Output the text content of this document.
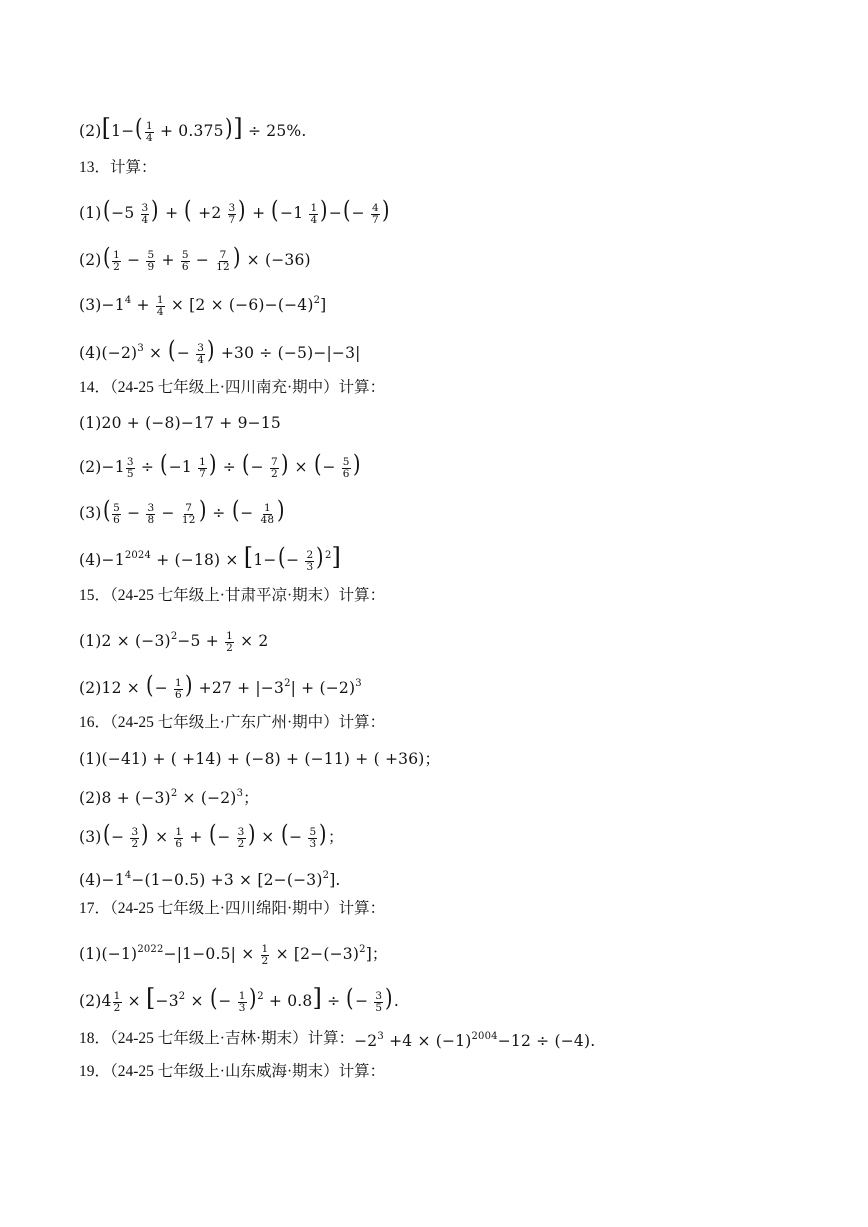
$(2)[1-( \frac{1}{4} + 0.375)] \div 25\%$.
13．计算：
$(1)(-5 \frac{3}{4}$ ) + ( $+2 \frac{3}{7}$ ) + ($-1 \frac{1}{4}$ )−(− $\frac{4}{7}$ )
$(2)( \frac{1}{2} - \frac{5}{9} + \frac{5}{6} - \frac{7}{12}$ ) × (−36)
$(3)-1^4 + \frac{1}{4} \times [2 \times (-6)-(-4)^2]$
$(4)(-2)^3$ × (− $\frac{3}{4}$ ) +30 ÷ (−5)−|−3|
14．（24-25 七年级上·四川南充·期中）计算：
(1)20 + (−8)−17 + 9−15
$(2)-1 \frac{3}{5} \div (-1 \frac{1}{7}$ ) ÷ (− $\frac{7}{2}$ ) × (− $\frac{5}{6}$ )
$(3)( \frac{5}{6} - \frac{3}{8} - \frac{7}{12}$ ) ÷ (− $\frac{1}{48}$ )
$(4)-1^{2024} + (-18) \times [1-(- \frac{2}{3} )^2]$
15．（24-25 七年级上·甘肃平凉·期末）计算：
$(1)2 \times (-3)^2-5 + \frac{1}{2} \times 2$
(2)12 × (− $\frac{1}{6}$ ) $+27 + |-3^2| + (-2)^3$
16．（24-25 七年级上·广东广州·期中）计算：
(1)(−41) + ( +14) + (−8) + (−11) + ( +36)；
$(2)8 + (-3)^2 \times (-2)^3$；
$(3)(- \frac{3}{2}$ ) × $\frac{1}{6}$ + (− $\frac{3}{2}$ ) × (− $\frac{5}{3}$ )；
$(4)-1^4-(1-0.5) +3 \times [2-(-3)^2]$.
17．（24-25 七年级上·四川绵阳·期中）计算：
$(1)(-1)^{2022}-|1-0.5| \times \frac{1}{2} \times [2-(-3)^2]$；
$(2)4 \frac{1}{2} \times [-3^2$ × (− $\frac{1}{3} )^2 + 0.8$] ÷ (− $\frac{3}{5}$ ).
18．（24-25 七年级上·吉林·期末）计算： $-2^3 +4 \times (-1)^{2004}-12 \div (-4)$.
19．（24-25 七年级上·山东威海·期末）计算：
